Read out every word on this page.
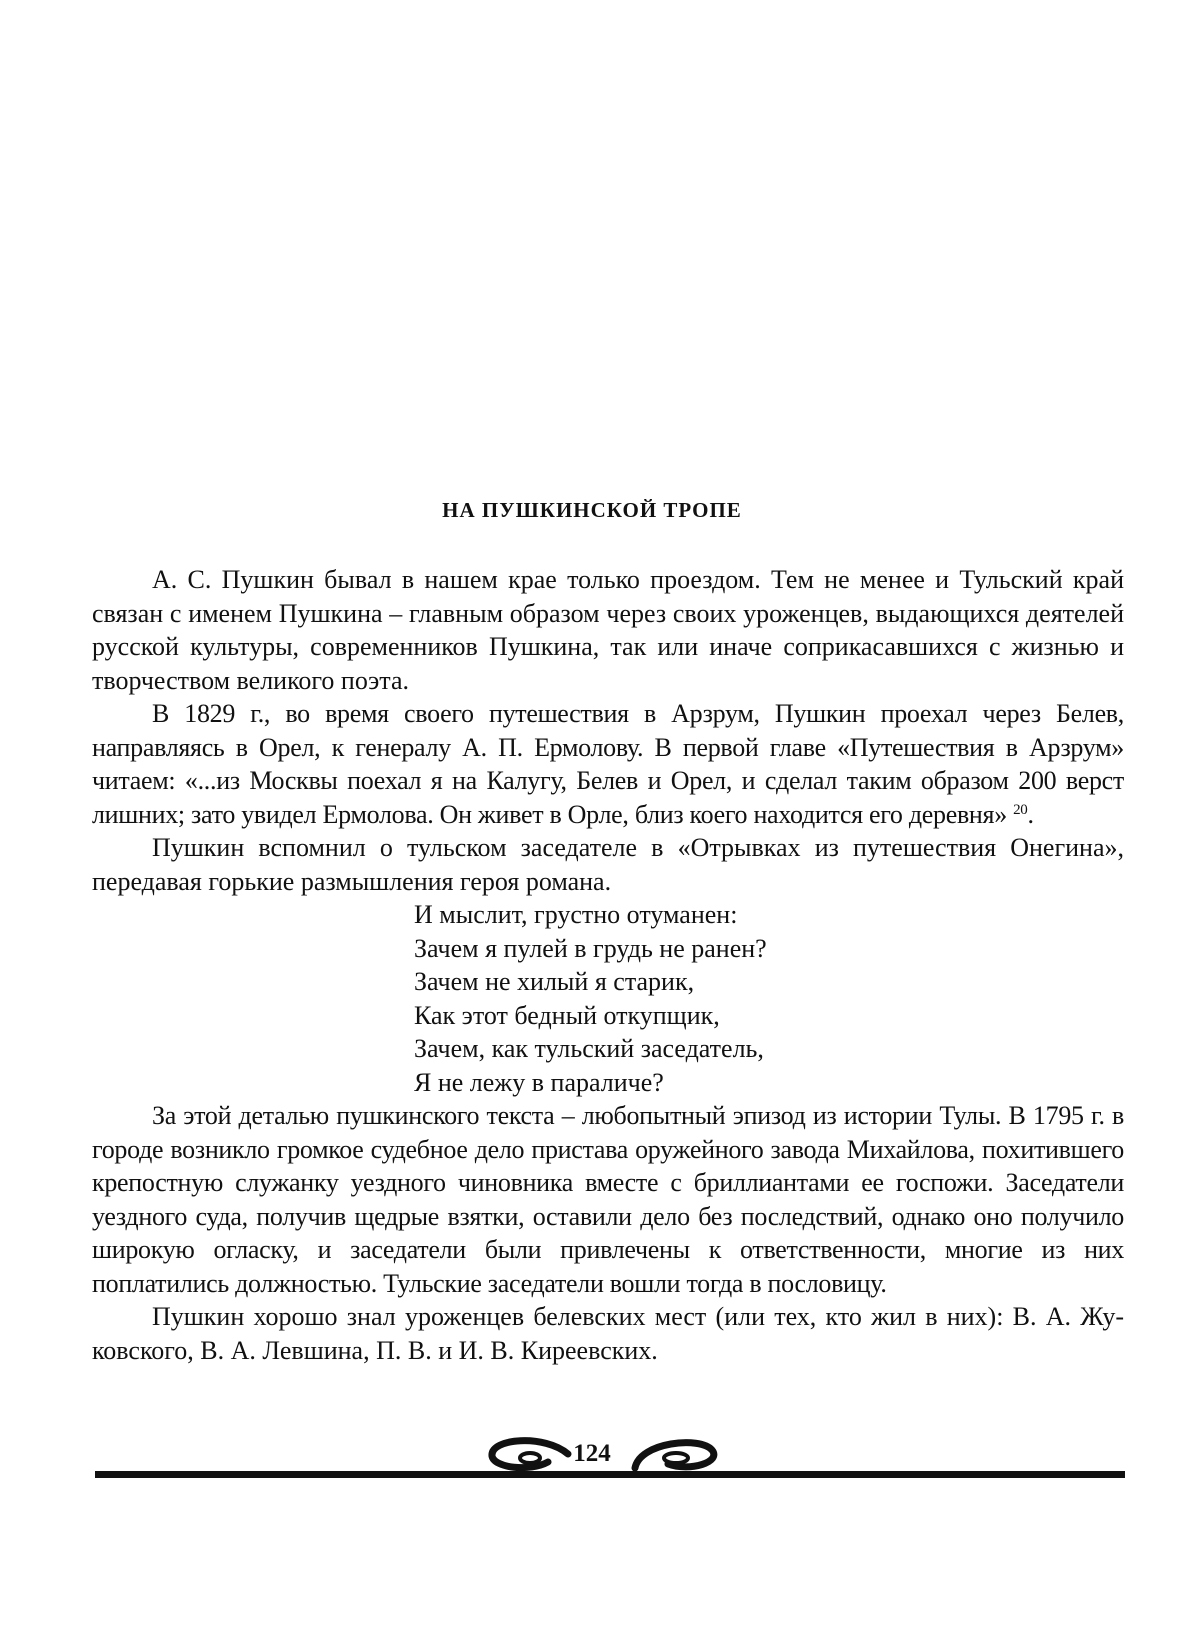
НА ПУШКИНСКОЙ ТРОПЕ

А. С. Пушкин бывал в нашем крае только проездом. Тем не менее и Тульский край связан с именем Пушкина – главным образом через своих уроженцев, выдающихся деятелей русской культуры, современников Пушкина, так или иначе соприкасавшихся с жизнью и творчеством великого поэта.

В 1829 г., во время своего путешествия в Арзрум, Пушкин проехал через Белев, направляясь в Орел, к генералу А. П. Ермолову. В первой главе «Путешествия в Арзрум» читаем: «...из Москвы поехал я на Калугу, Белев и Орел, и сделал таким образом 200 верст лишних; зато увидел Ермолова. Он живет в Орле, близ коего находится его деревня» $^{20}$.

Пушкин вспомнил о тульском заседателе в «Отрывках из путешествия Онегина», передавая горькие размышления героя романа.

И мыслит, грустно отуманен:
Зачем я пулей в грудь не ранен?
Зачем не хилый я старик,
Как этот бедный откупщик,
Зачем, как тульский заседатель,
Я не лежу в параличе?

За этой деталью пушкинского текста – любопытный эпизод из истории Тулы. В 1795 г. в городе возникло громкое судебное дело пристава оружейного завода Михайлова, похитившего крепостную служанку уездного чиновника вместе с бриллиантами ее госпожи. Заседатели уездного суда, получив щедрые взятки, оставили дело без последствий, однако оно получило широкую огласку, и заседатели были привлечены к ответственности, многие из них поплатились должностью. Тульские заседатели вошли тогда в пословицу.

Пушкин хорошо знал уроженцев белевских мест (или тех, кто жил в них): В. А. Жуковского, В. А. Левшина, П. В. и И. В. Киреевских.

124
